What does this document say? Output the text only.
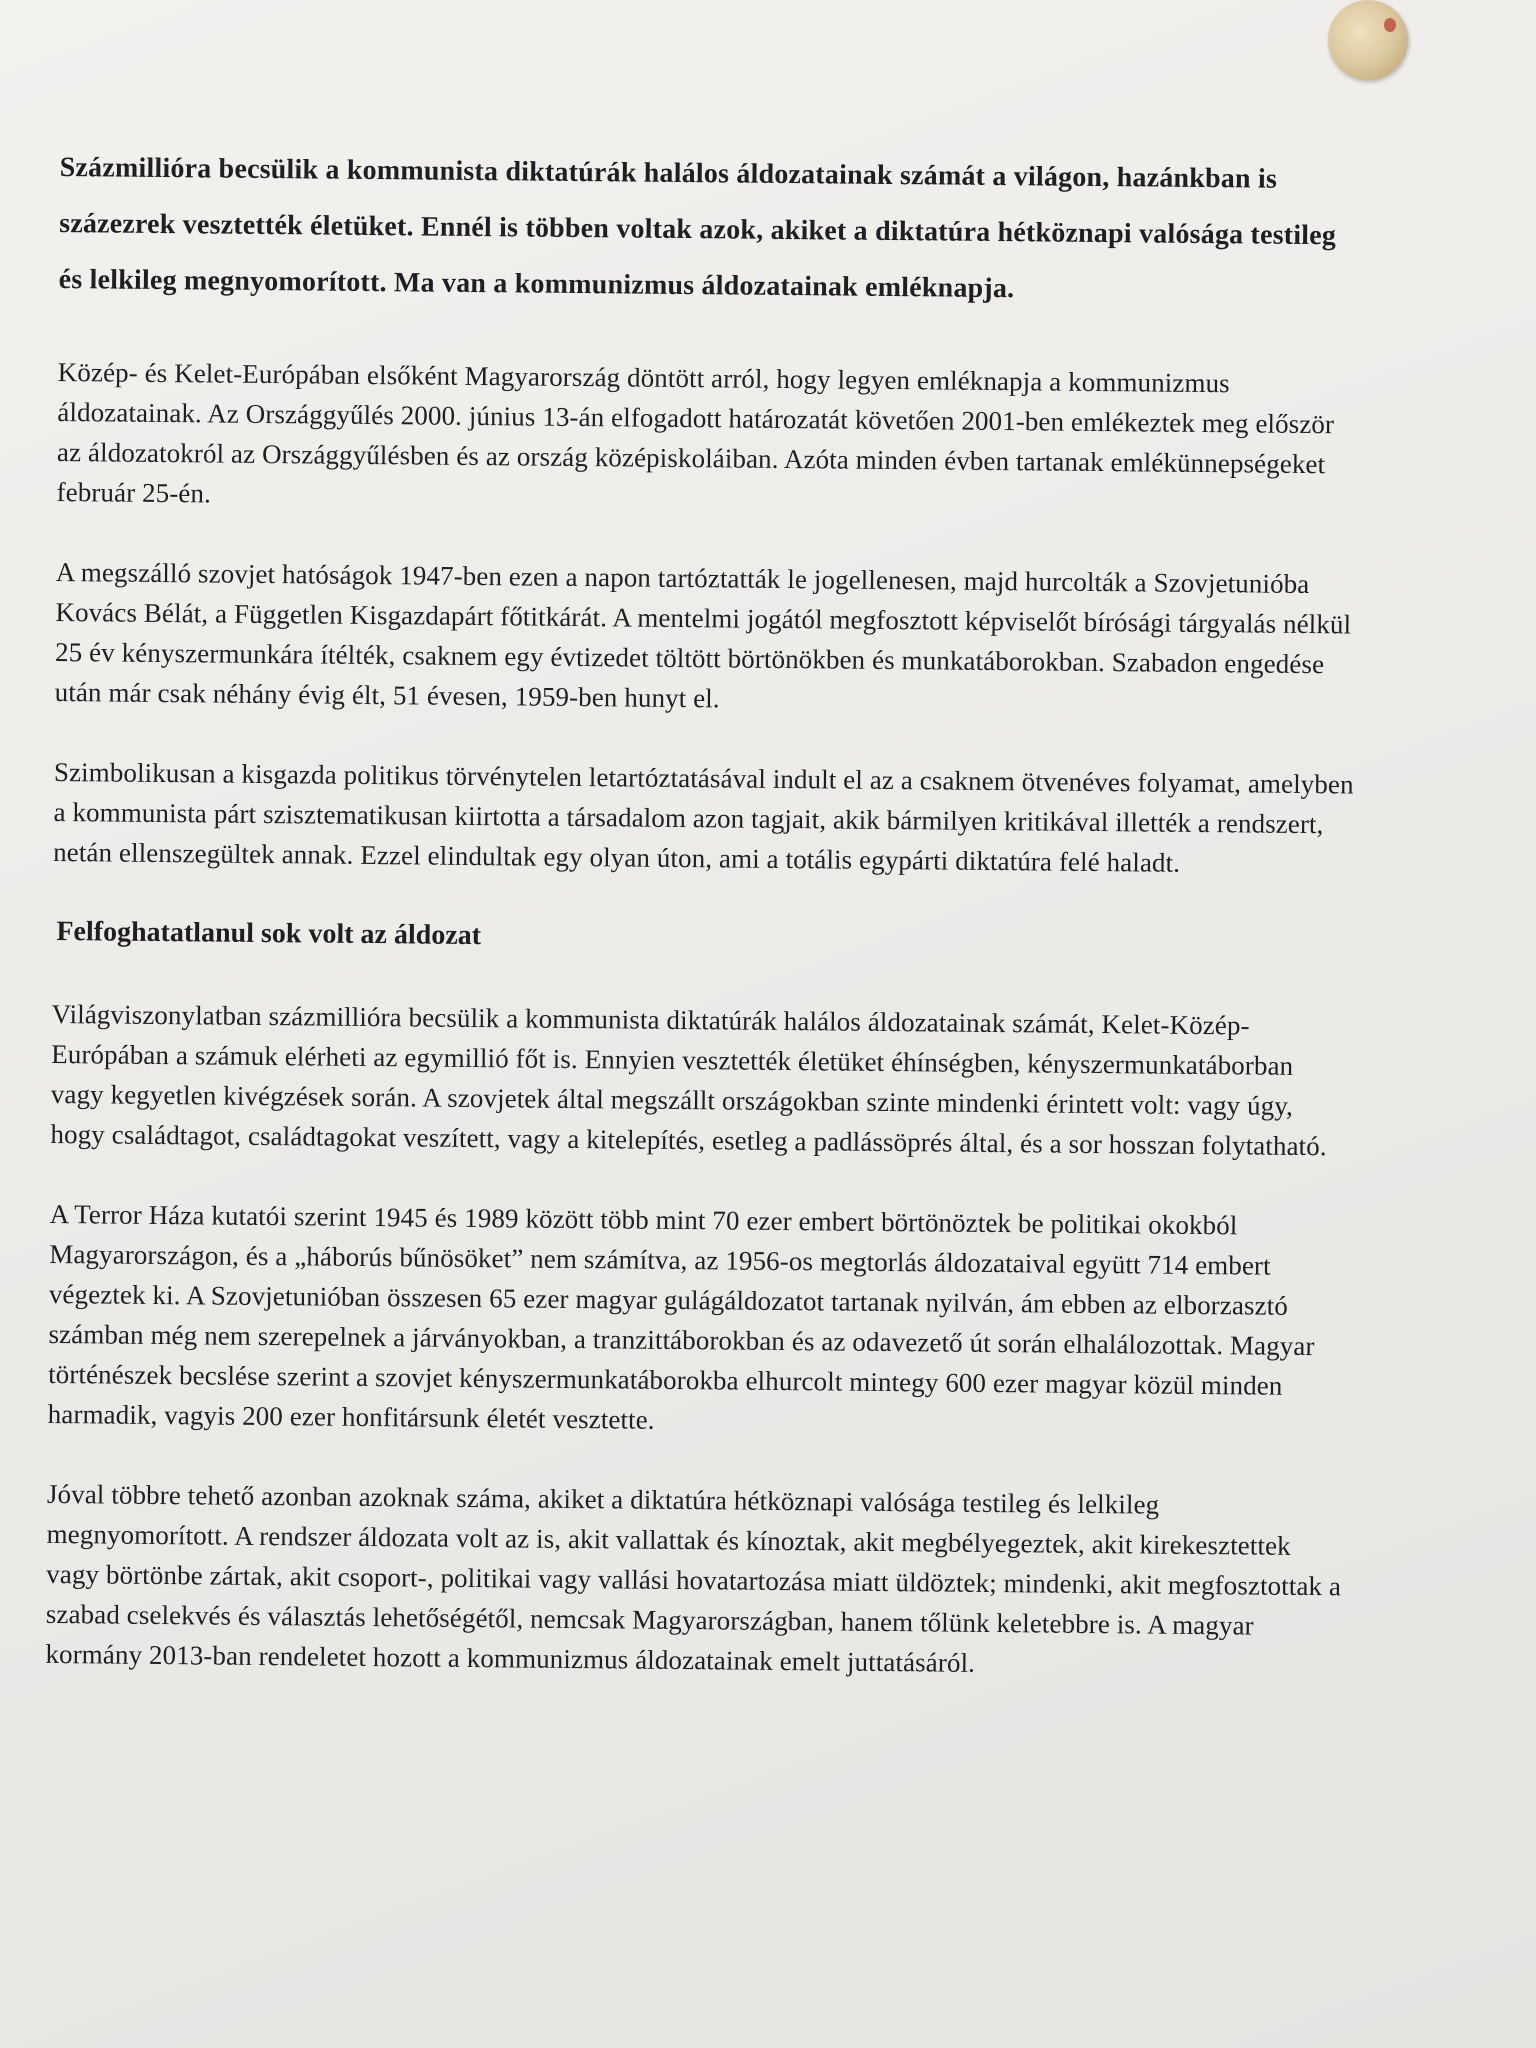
Százmillióra becsülik a kommunista diktatúrák halálos áldozatainak számát a világon, hazánkban is százezrek vesztették életüket. Ennél is többen voltak azok, akiket a diktatúra hétköznapi valósága testileg és lelkileg megnyomorított. Ma van a kommunizmus áldozatainak emléknapja.

Közép- és Kelet-Európában elsőként Magyarország döntött arról, hogy legyen emléknapja a kommunizmus áldozatainak. Az Országgyűlés 2000. június 13-án elfogadott határozatát követően 2001-ben emlékeztek meg először az áldozatokról az Országgyűlésben és az ország középiskoláiban. Azóta minden évben tartanak emlékünnepségeket február 25-én.

A megszálló szovjet hatóságok 1947-ben ezen a napon tartóztatták le jogellenesen, majd hurcolták a Szovjetunióba Kovács Bélát, a Független Kisgazdapárt főtitkárát. A mentelmi jogától megfosztott képviselőt bírósági tárgyalás nélkül 25 év kényszermunkára ítélték, csaknem egy évtizedet töltött börtönökben és munkatáborokban. Szabadon engedése után már csak néhány évig élt, 51 évesen, 1959-ben hunyt el.

Szimbolikusan a kisgazda politikus törvénytelen letartóztatásával indult el az a csaknem ötvenéves folyamat, amelyben a kommunista párt szisztematikusan kiirtotta a társadalom azon tagjait, akik bármilyen kritikával illették a rendszert, netán ellenszegültek annak. Ezzel elindultak egy olyan úton, ami a totális egypárti diktatúra felé haladt.

Felfoghatatlanul sok volt az áldozat

Világviszonylatban százmillióra becsülik a kommunista diktatúrák halálos áldozatainak számát, Kelet-Közép-Európában a számuk elérheti az egymillió főt is. Ennyien vesztették életüket éhínségben, kényszermunkatáborban vagy kegyetlen kivégzések során. A szovjetek által megszállt országokban szinte mindenki érintett volt: vagy úgy, hogy családtagot, családtagokat veszített, vagy a kitelepítés, esetleg a padlássöprés által, és a sor hosszan folytatható.

A Terror Háza kutatói szerint 1945 és 1989 között több mint 70 ezer embert börtönöztek be politikai okokból Magyarországon, és a „háborús bűnösöket” nem számítva, az 1956-os megtorlás áldozataival együtt 714 embert végeztek ki. A Szovjetunióban összesen 65 ezer magyar gulágáldozatot tartanak nyilván, ám ebben az elborzasztó számban még nem szerepelnek a járványokban, a tranzittáborokban és az odavezető út során elhalálozottak. Magyar történészek becslése szerint a szovjet kényszermunkatáborokba elhurcolt mintegy 600 ezer magyar közül minden harmadik, vagyis 200 ezer honfitársunk életét vesztette.

Jóval többre tehető azonban azoknak száma, akiket a diktatúra hétköznapi valósága testileg és lelkileg megnyomorított. A rendszer áldozata volt az is, akit vallattak és kínoztak, akit megbélyegeztek, akit kirekesztettek vagy börtönbe zártak, akit csoport-, politikai vagy vallási hovatartozása miatt üldöztek; mindenki, akit megfosztottak a szabad cselekvés és választás lehetőségétől, nemcsak Magyarországban, hanem tőlünk keletebbre is. A magyar kormány 2013-ban rendeletet hozott a kommunizmus áldozatainak emelt juttatásáról.
